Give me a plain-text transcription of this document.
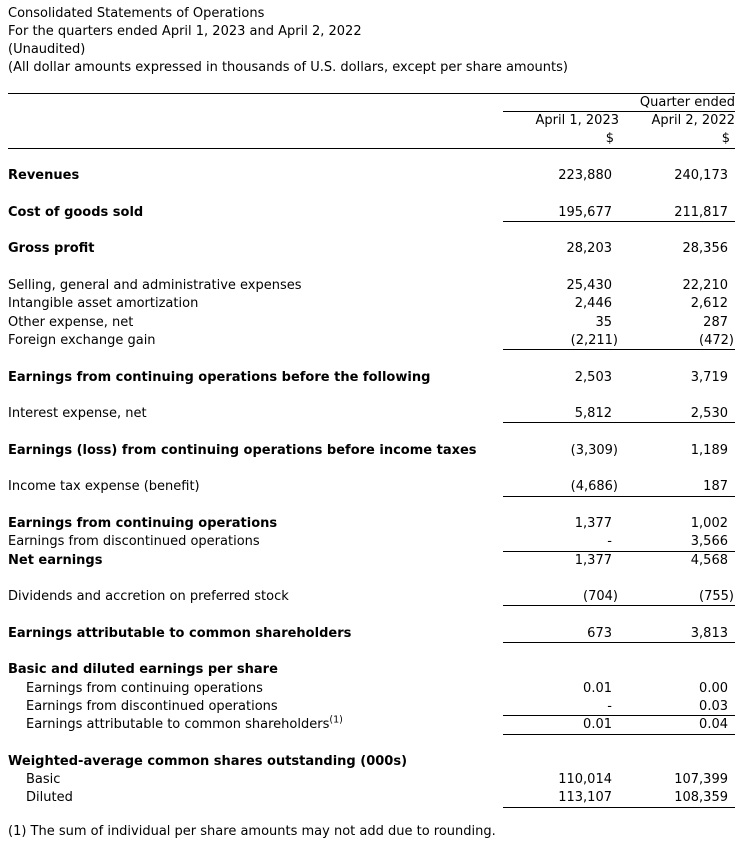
Consolidated Statements of Operations
For the quarters ended April 1, 2023 and April 2, 2022
(Unaudited)
(All dollar amounts expressed in thousands of U.S. dollars, except per share amounts)
Quarter ended
April 1, 2023	April 2, 2022
$	$
Revenues	223,880	240,173
Cost of goods sold	195,677	211,817
Gross profit	28,203	28,356
Selling, general and administrative expenses	25,430	22,210
Intangible asset amortization	2,446	2,612
Other expense, net	35	287
Foreign exchange gain	(2,211)	(472)
Earnings from continuing operations before the following	2,503	3,719
Interest expense, net	5,812	2,530
Earnings (loss) from continuing operations before income taxes	(3,309)	1,189
Income tax expense (benefit)	(4,686)	187
Earnings from continuing operations	1,377	1,002
Earnings from discontinued operations	-	3,566
Net earnings	1,377	4,568
Dividends and accretion on preferred stock	(704)	(755)
Earnings attributable to common shareholders	673	3,813
Basic and diluted earnings per share
Earnings from continuing operations	0.01	0.00
Earnings from discontinued operations	-	0.03
Earnings attributable to common shareholders$^{(1)}$	0.01	0.04
Weighted-average common shares outstanding (000s)
Basic	110,014	107,399
Diluted	113,107	108,359
(1) The sum of individual per share amounts may not add due to rounding.
